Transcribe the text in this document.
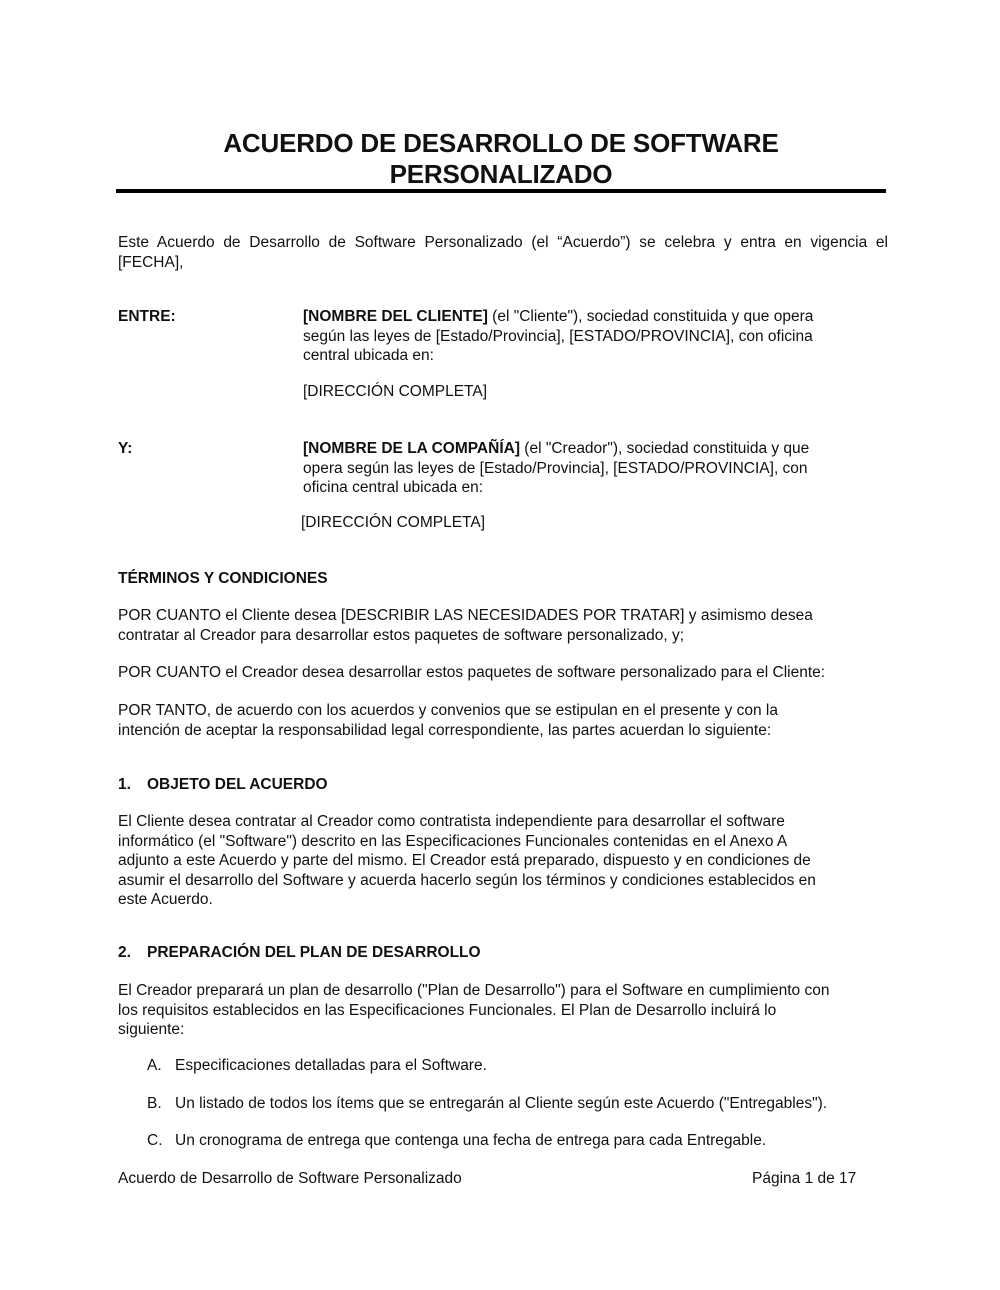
ACUERDO DE DESARROLLO DE SOFTWARE
PERSONALIZADO
Este Acuerdo de Desarrollo de Software Personalizado (el “Acuerdo”) se celebra y entra en vigencia el
[FECHA],
ENTRE:	[NOMBRE DEL CLIENTE] (el "Cliente"), sociedad constituida y que opera
según las leyes de [Estado/Provincia], [ESTADO/PROVINCIA], con oficina
central ubicada en:
[DIRECCIÓN COMPLETA]
Y:	[NOMBRE DE LA COMPAÑÍA] (el "Creador"), sociedad constituida y que
opera según las leyes de [Estado/Provincia], [ESTADO/PROVINCIA], con
oficina central ubicada en:
[DIRECCIÓN COMPLETA]
TÉRMINOS Y CONDICIONES
POR CUANTO el Cliente desea [DESCRIBIR LAS NECESIDADES POR TRATAR] y asimismo desea
contratar al Creador para desarrollar estos paquetes de software personalizado, y;
POR CUANTO el Creador desea desarrollar estos paquetes de software personalizado para el Cliente:
POR TANTO, de acuerdo con los acuerdos y convenios que se estipulan en el presente y con la
intención de aceptar la responsabilidad legal correspondiente, las partes acuerdan lo siguiente:
1. OBJETO DEL ACUERDO
El Cliente desea contratar al Creador como contratista independiente para desarrollar el software
informático (el "Software") descrito en las Especificaciones Funcionales contenidas en el Anexo A
adjunto a este Acuerdo y parte del mismo. El Creador está preparado, dispuesto y en condiciones de
asumir el desarrollo del Software y acuerda hacerlo según los términos y condiciones establecidos en
este Acuerdo.
2. PREPARACIÓN DEL PLAN DE DESARROLLO
El Creador preparará un plan de desarrollo ("Plan de Desarrollo") para el Software en cumplimiento con
los requisitos establecidos en las Especificaciones Funcionales. El Plan de Desarrollo incluirá lo
siguiente:
A. Especificaciones detalladas para el Software.
B. Un listado de todos los ítems que se entregarán al Cliente según este Acuerdo ("Entregables").
C. Un cronograma de entrega que contenga una fecha de entrega para cada Entregable.
Acuerdo de Desarrollo de Software Personalizado	Página 1 de 17
